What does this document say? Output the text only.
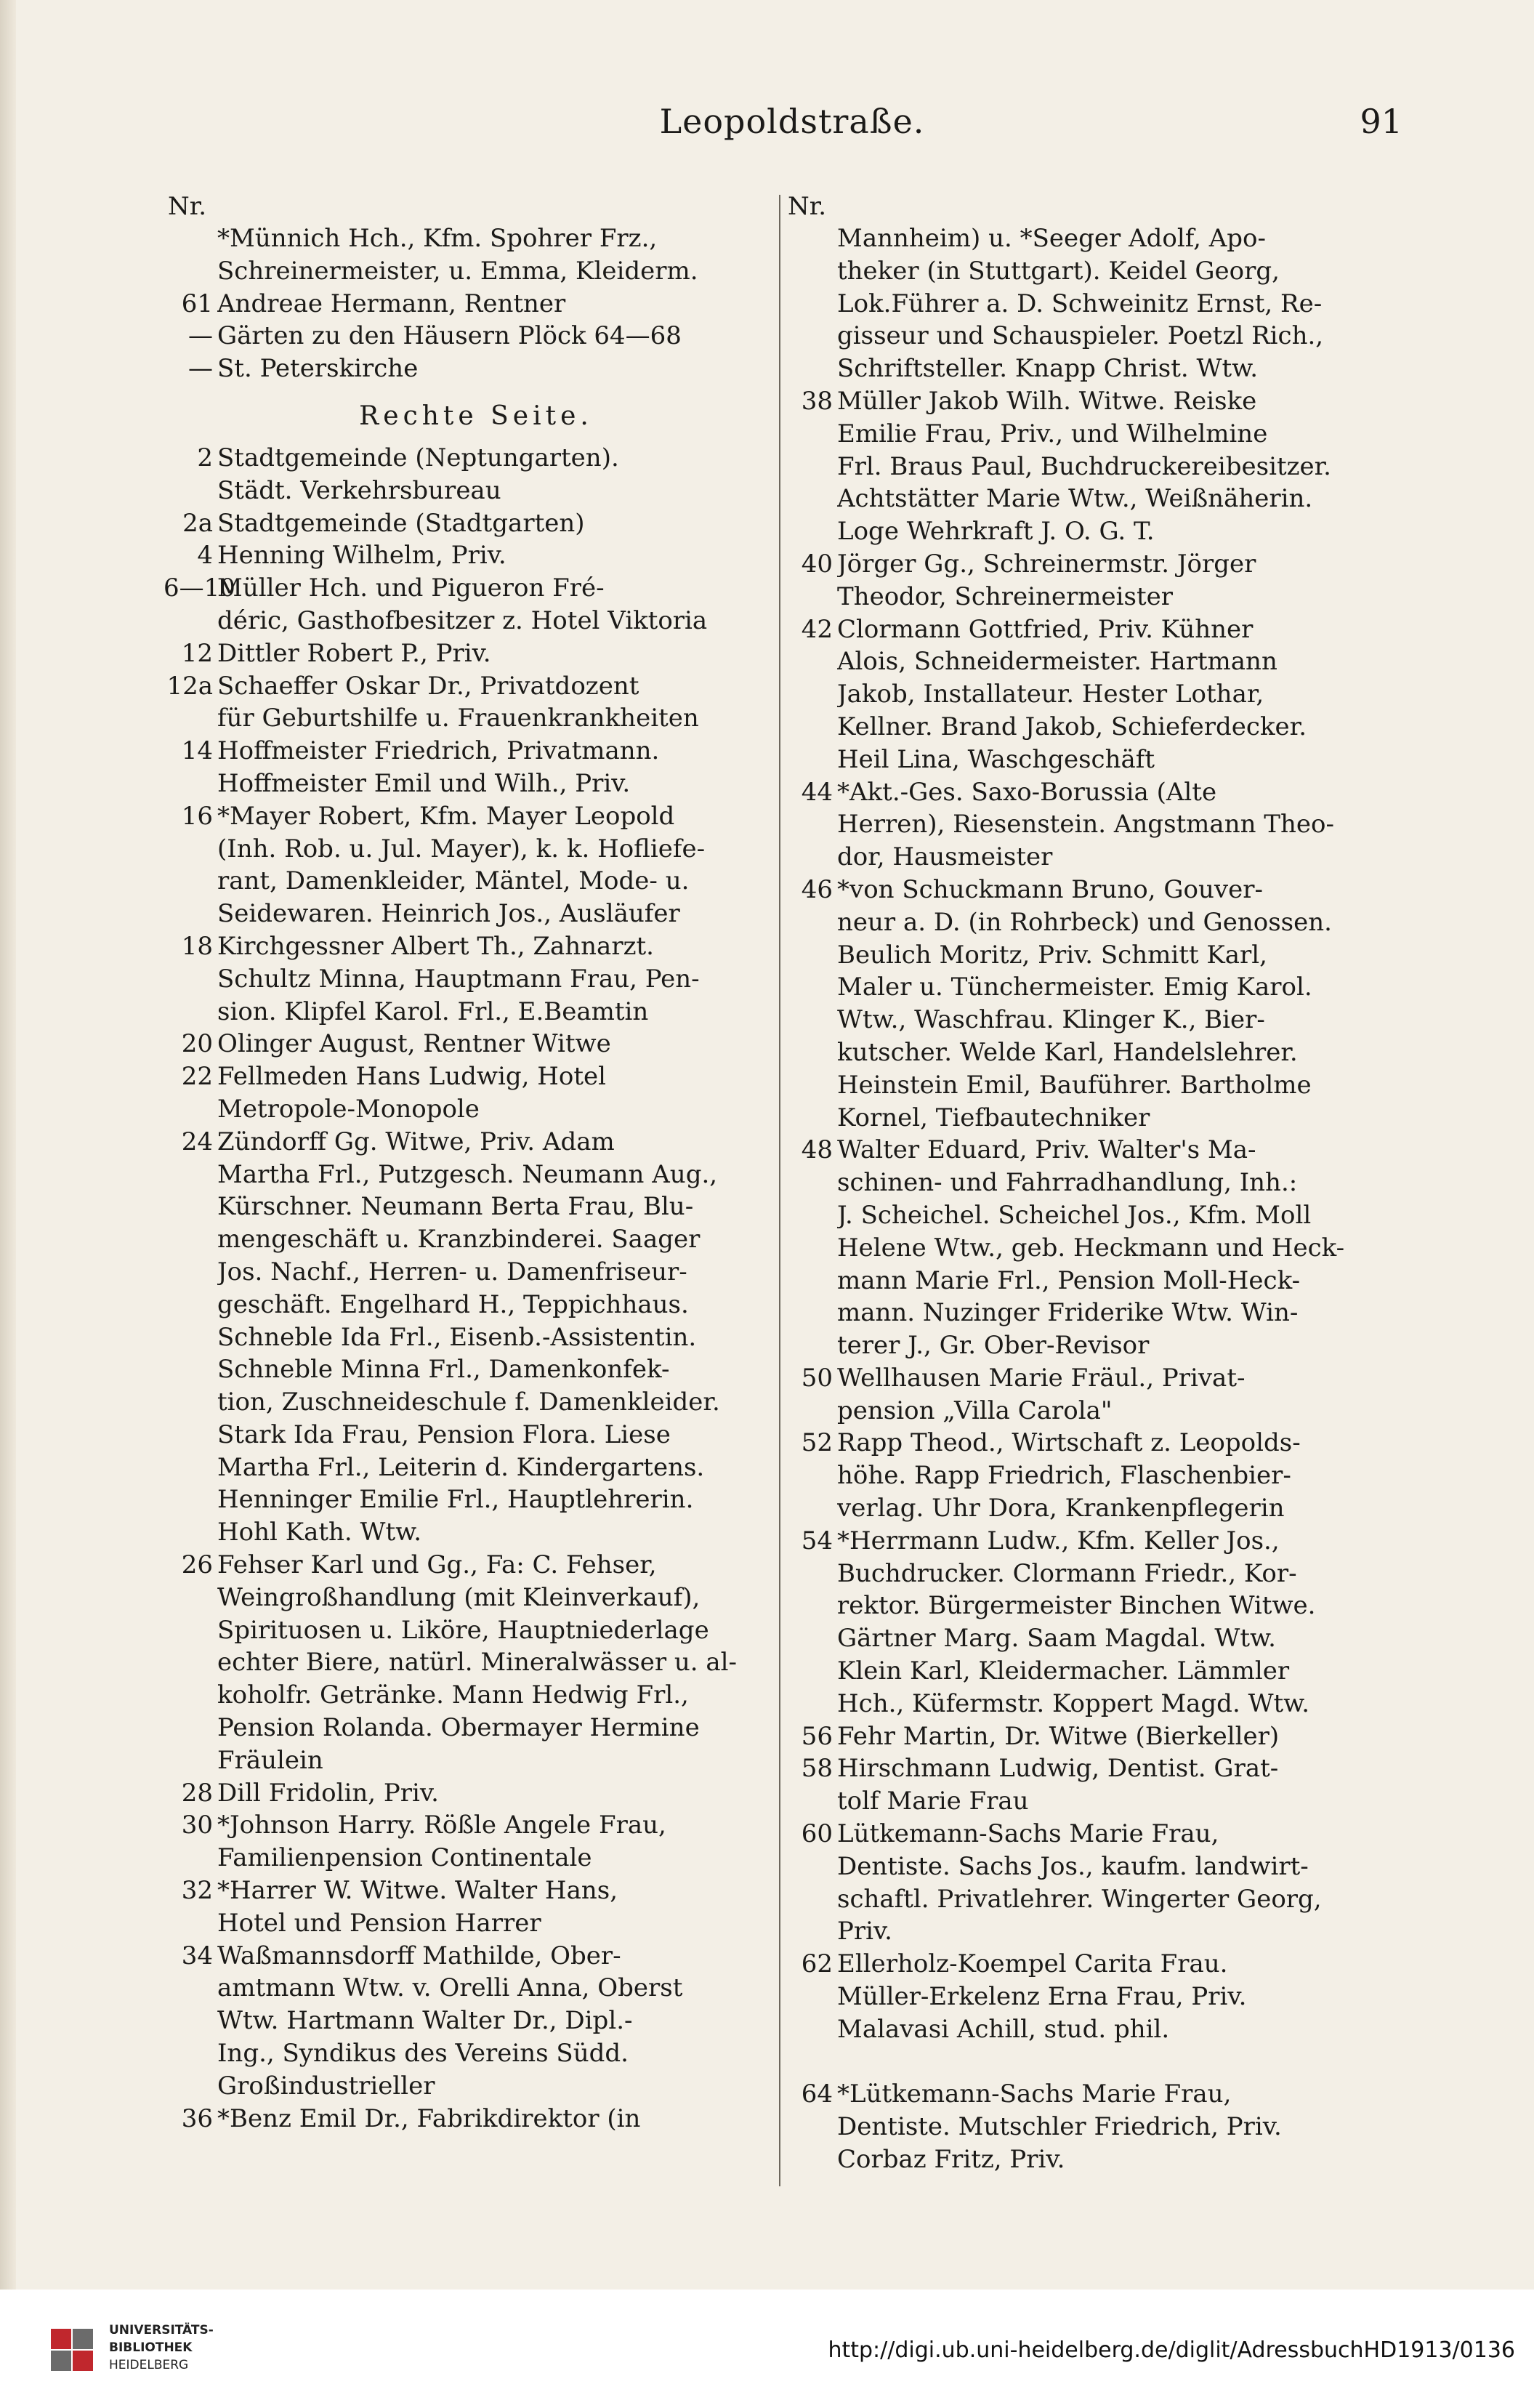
Leopoldstraße.	91
Nr.
*Münnich Hch., Kfm. Spohrer Frz.,
Schreinermeister, u. Emma, Kleiderm.
61 Andreae Hermann, Rentner
— Gärten zu den Häusern Plöck 64—68
— St. Peterskirche
Rechte Seite.
2 Stadtgemeinde (Neptungarten).
Städt. Verkehrsbureau
2a Stadtgemeinde (Stadtgarten)
4 Henning Wilhelm, Priv.
6—10
Müller Hch. und Pigueron Fré-
déric, Gasthofbesitzer z. Hotel Viktoria
12 Dittler Robert P., Priv.
12a Schaeffer Oskar Dr., Privatdozent
für Geburtshilfe u. Frauenkrankheiten
14 Hoffmeister Friedrich, Privatmann.
Hoffmeister Emil und Wilh., Priv.
16 *Mayer Robert, Kfm. Mayer Leopold
(Inh. Rob. u. Jul. Mayer), k. k. Hofliefe-
rant, Damenkleider, Mäntel, Mode- u.
Seidewaren. Heinrich Jos., Ausläufer
18 Kirchgessner Albert Th., Zahnarzt.
Schultz Minna, Hauptmann Frau, Pen-
sion. Klipfel Karol. Frl., E.Beamtin
20 Olinger August, Rentner Witwe
22 Fellmeden Hans Ludwig, Hotel
Metropole-Monopole
24 Zündorff Gg. Witwe, Priv. Adam
Martha Frl., Putzgesch. Neumann Aug.,
Kürschner. Neumann Berta Frau, Blu-
mengeschäft u. Kranzbinderei. Saager
Jos. Nachf., Herren- u. Damenfriseur-
geschäft. Engelhard H., Teppichhaus.
Schneble Ida Frl., Eisenb.-Assistentin.
Schneble Minna Frl., Damenkonfek-
tion, Zuschneideschule f. Damenkleider.
Stark Ida Frau, Pension Flora. Liese
Martha Frl., Leiterin d. Kindergartens.
Henninger Emilie Frl., Hauptlehrerin.
Hohl Kath. Wtw.
26 Fehser Karl und Gg., Fa: C. Fehser,
Weingroßhandlung (mit Kleinverkauf),
Spirituosen u. Liköre, Hauptniederlage
echter Biere, natürl. Mineralwässer u. al-
koholfr. Getränke. Mann Hedwig Frl.,
Pension Rolanda. Obermayer Hermine
Fräulein
28 Dill Fridolin, Priv.
30 *Johnson Harry. Rößle Angele Frau,
Familienpension Continentale
32 *Harrer W. Witwe. Walter Hans,
Hotel und Pension Harrer
34 Waßmannsdorff Mathilde, Ober-
amtmann Wtw. v. Orelli Anna, Oberst
Wtw. Hartmann Walter Dr., Dipl.-
Ing., Syndikus des Vereins Südd.
Großindustrieller
36 *Benz Emil Dr., Fabrikdirektor (in
Nr.
Mannheim) u. *Seeger Adolf, Apo-
theker (in Stuttgart). Keidel Georg,
Lok.Führer a. D. Schweinitz Ernst, Re-
gisseur und Schauspieler. Poetzl Rich.,
Schriftsteller. Knapp Christ. Wtw.
38 Müller Jakob Wilh. Witwe. Reiske
Emilie Frau, Priv., und Wilhelmine
Frl. Braus Paul, Buchdruckereibesitzer.
Achtstätter Marie Wtw., Weißnäherin.
Loge Wehrkraft J. O. G. T.
40 Jörger Gg., Schreinermstr. Jörger
Theodor, Schreinermeister
42 Clormann Gottfried, Priv. Kühner
Alois, Schneidermeister. Hartmann
Jakob, Installateur. Hester Lothar,
Kellner. Brand Jakob, Schieferdecker.
Heil Lina, Waschgeschäft
44 *Akt.-Ges. Saxo-Borussia (Alte
Herren), Riesenstein. Angstmann Theo-
dor, Hausmeister
46 *von Schuckmann Bruno, Gouver-
neur a. D. (in Rohrbeck) und Genossen.
Beulich Moritz, Priv. Schmitt Karl,
Maler u. Tünchermeister. Emig Karol.
Wtw., Waschfrau. Klinger K., Bier-
kutscher. Welde Karl, Handelslehrer.
Heinstein Emil, Bauführer. Bartholme
Kornel, Tiefbautechniker
48 Walter Eduard, Priv. Walter's Ma-
schinen- und Fahrradhandlung, Inh.:
J. Scheichel. Scheichel Jos., Kfm. Moll
Helene Wtw., geb. Heckmann und Heck-
mann Marie Frl., Pension Moll-Heck-
mann. Nuzinger Friderike Wtw. Win-
terer J., Gr. Ober-Revisor
50 Wellhausen Marie Fräul., Privat-
pension „Villa Carola"
52 Rapp Theod., Wirtschaft z. Leopolds-
höhe. Rapp Friedrich, Flaschenbier-
verlag. Uhr Dora, Krankenpflegerin
54 *Herrmann Ludw., Kfm. Keller Jos.,
Buchdrucker. Clormann Friedr., Kor-
rektor. Bürgermeister Binchen Witwe.
Gärtner Marg. Saam Magdal. Wtw.
Klein Karl, Kleidermacher. Lämmler
Hch., Küfermstr. Koppert Magd. Wtw.
56 Fehr Martin, Dr. Witwe (Bierkeller)
58 Hirschmann Ludwig, Dentist. Grat-
tolf Marie Frau
60 Lütkemann-Sachs Marie Frau,
Dentiste. Sachs Jos., kaufm. landwirt-
schaftl. Privatlehrer. Wingerter Georg,
Priv.
62 Ellerholz-Koempel Carita Frau.
Müller-Erkelenz Erna Frau, Priv.
Malavasi Achill, stud. phil.

64 *Lütkemann-Sachs Marie Frau,
Dentiste. Mutschler Friedrich, Priv.
Corbaz Fritz, Priv.
UNIVERSITÄTS-
BIBLIOTHEK
HEIDELBERG
http://digi.ub.uni-heidelberg.de/diglit/AdressbuchHD1913/0136
